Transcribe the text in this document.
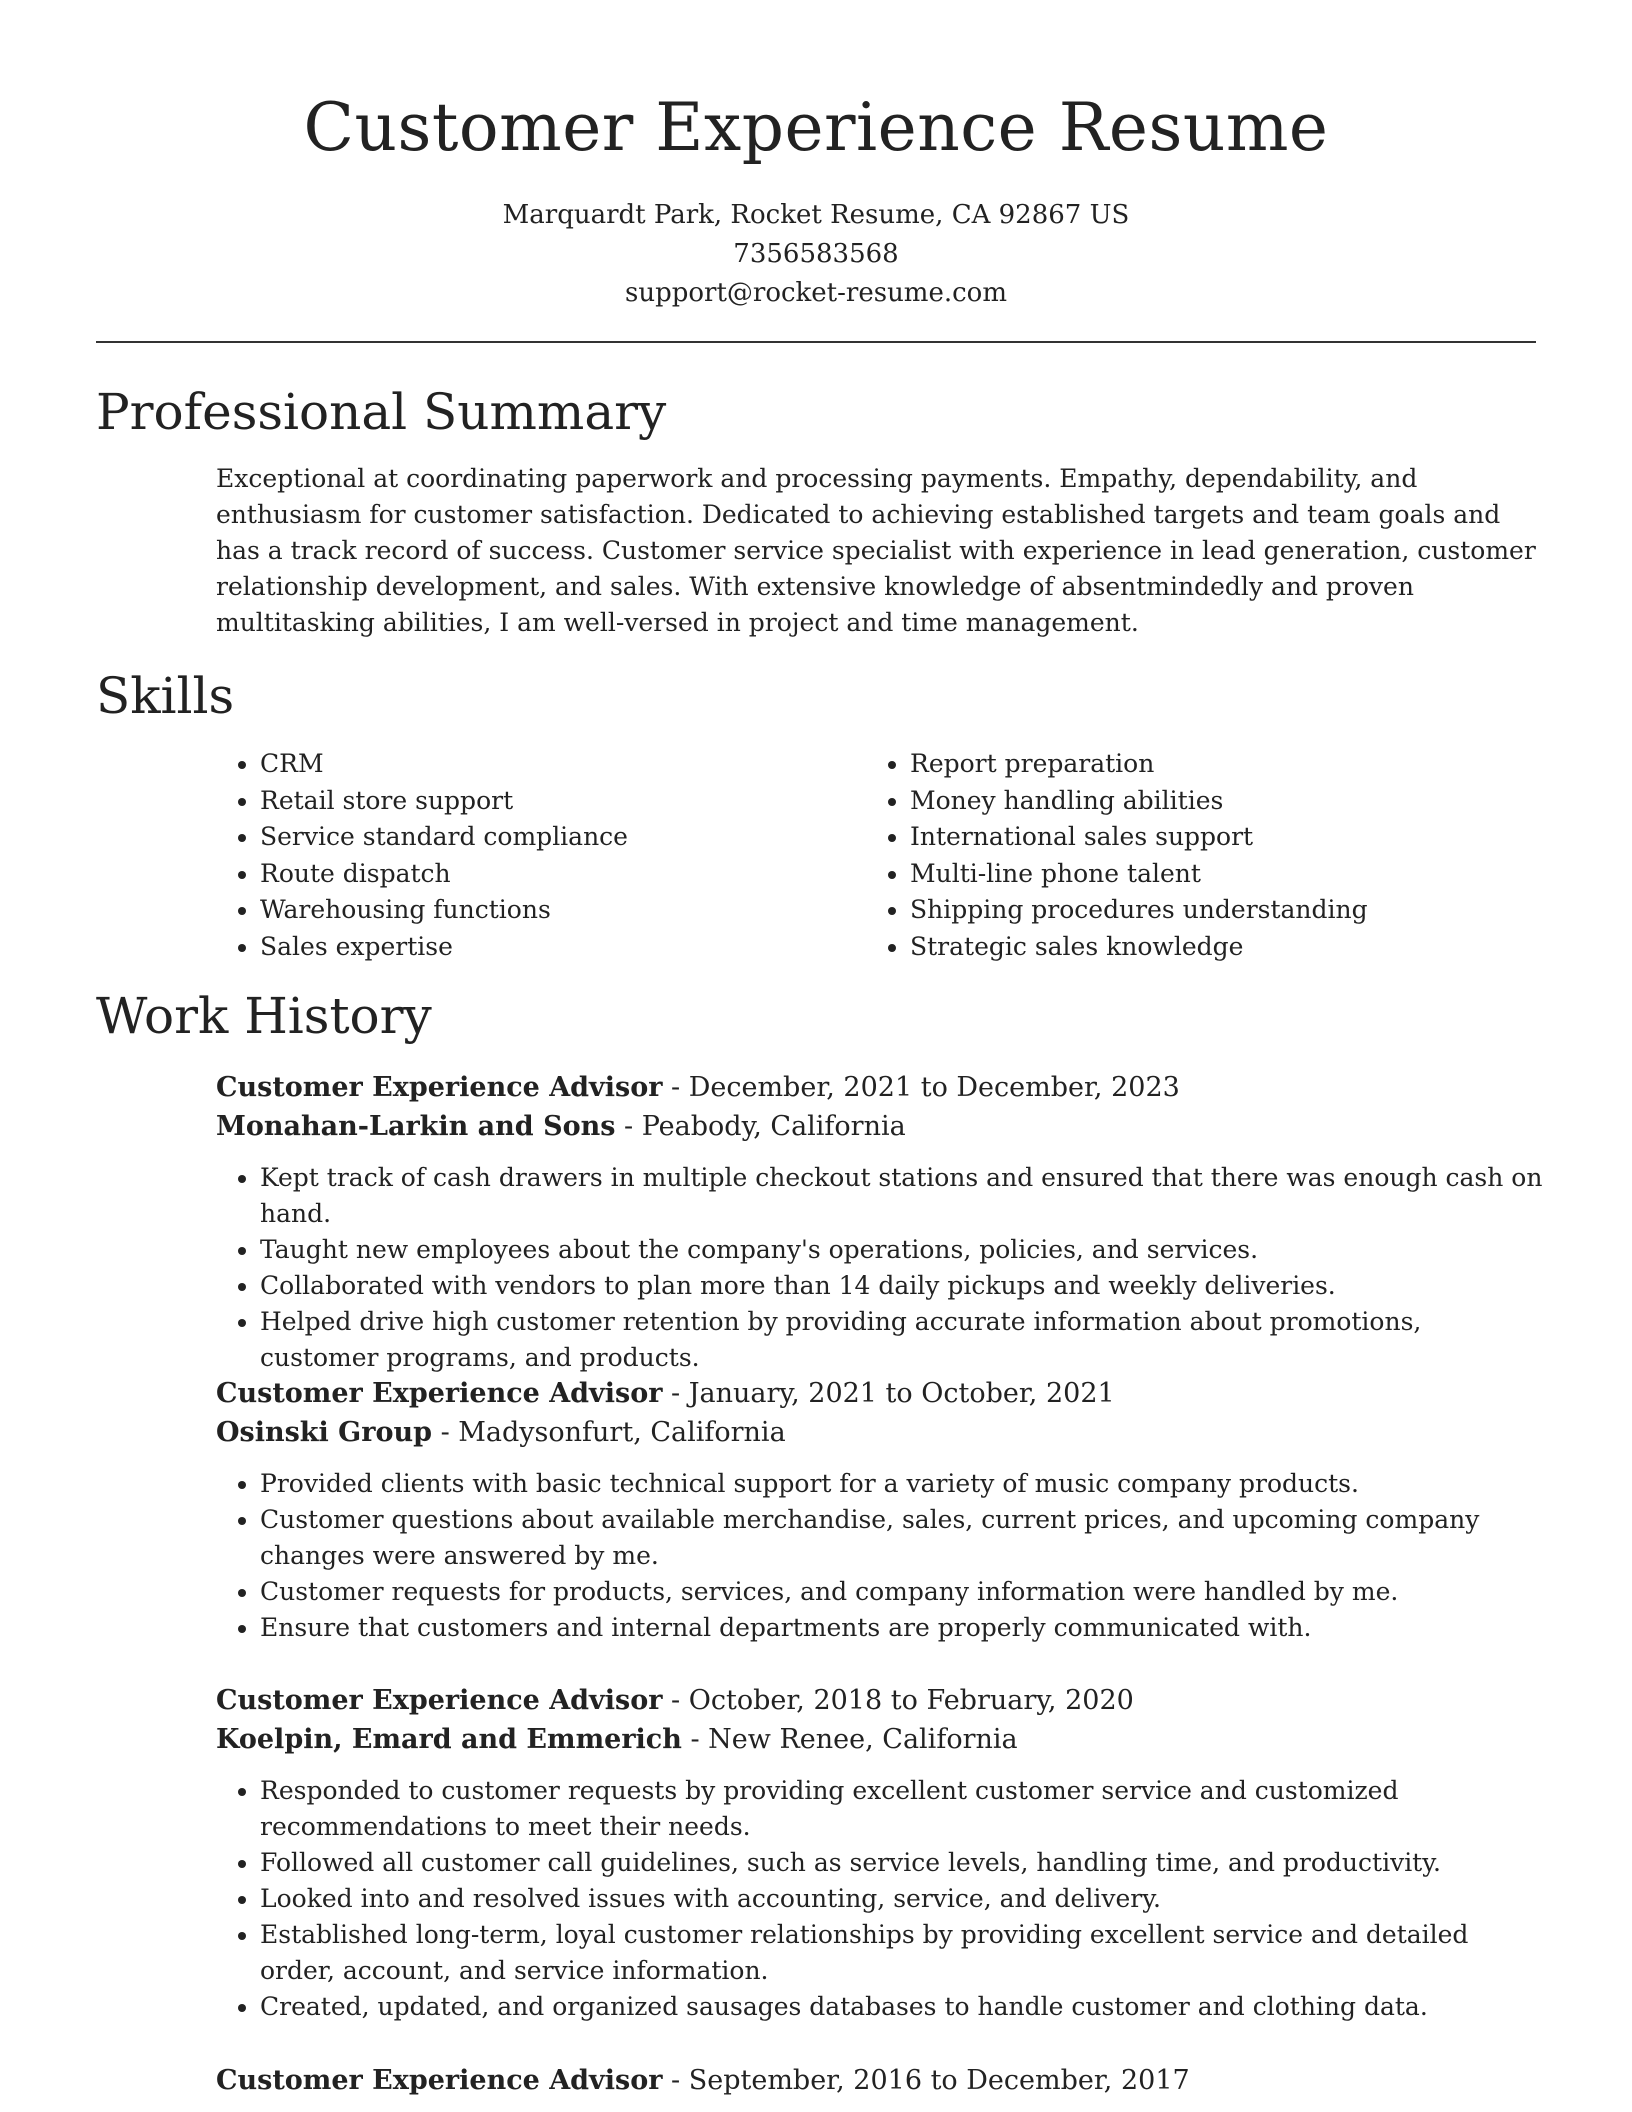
Customer Experience Resume
Marquardt Park, Rocket Resume, CA 92867 US
7356583568
support@rocket-resume.com
Professional Summary

Exceptional at coordinating paperwork and processing payments. Empathy, dependability, and enthusiasm for customer satisfaction. Dedicated to achieving established targets and team goals and has a track record of success. Customer service specialist with experience in lead generation, customer relationship development, and sales. With extensive knowledge of absentmindedly and proven multitasking abilities, I am well-versed in project and time management.

Skills
• CRM
• Retail store support
• Service standard compliance
• Route dispatch
• Warehousing functions
• Sales expertise
• Report preparation
• Money handling abilities
• International sales support
• Multi-line phone talent
• Shipping procedures understanding
• Strategic sales knowledge
Work History
Customer Experience Advisor - December, 2021 to December, 2023
Monahan-Larkin and Sons - Peabody, California
• Kept track of cash drawers in multiple checkout stations and ensured that there was enough cash on hand.
• Taught new employees about the company's operations, policies, and services.
• Collaborated with vendors to plan more than 14 daily pickups and weekly deliveries.
• Helped drive high customer retention by providing accurate information about promotions, customer programs, and products.
Customer Experience Advisor - January, 2021 to October, 2021
Osinski Group - Madysonfurt, California
• Provided clients with basic technical support for a variety of music company products.
• Customer questions about available merchandise, sales, current prices, and upcoming company changes were answered by me.
• Customer requests for products, services, and company information were handled by me.
• Ensure that customers and internal departments are properly communicated with.
Customer Experience Advisor - October, 2018 to February, 2020
Koelpin, Emard and Emmerich - New Renee, California
• Responded to customer requests by providing excellent customer service and customized recommendations to meet their needs.
• Followed all customer call guidelines, such as service levels, handling time, and productivity.
• Looked into and resolved issues with accounting, service, and delivery.
• Established long-term, loyal customer relationships by providing excellent service and detailed order, account, and service information.
• Created, updated, and organized sausages databases to handle customer and clothing data.
Customer Experience Advisor - September, 2016 to December, 2017
